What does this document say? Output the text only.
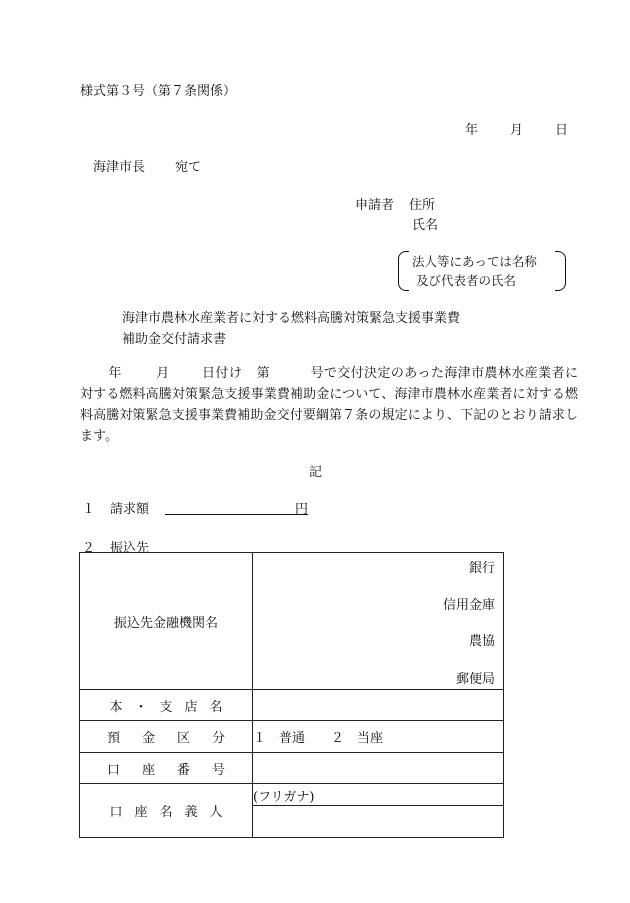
様式第３号（第７条関係）
年 月 日
海津市長 宛て
申請者 住所
氏名
法人等にあっては名称
及び代表者の氏名
海津市農林水産業者に対する燃料高騰対策緊急支援事業費
補助金交付請求書
年	月 日付け 第	号で交付決定のあった海津市農林水産業者に対する燃料高騰対策緊急支援事業費補助金について、海津市農林水産業者に対する燃料高騰対策緊急支援事業費補助金交付要綱第７条の規定により、下記のとおり請求します。
記
１ 請求額	円
２ 振込先
振込先金融機関名	銀行
信用金庫
農協
郵便局

本 ・ 支 店 名	
預 金 区 分	１　普通　　２　当座
口 座 番 号	
口 座 名 義 人	(フリガナ)
